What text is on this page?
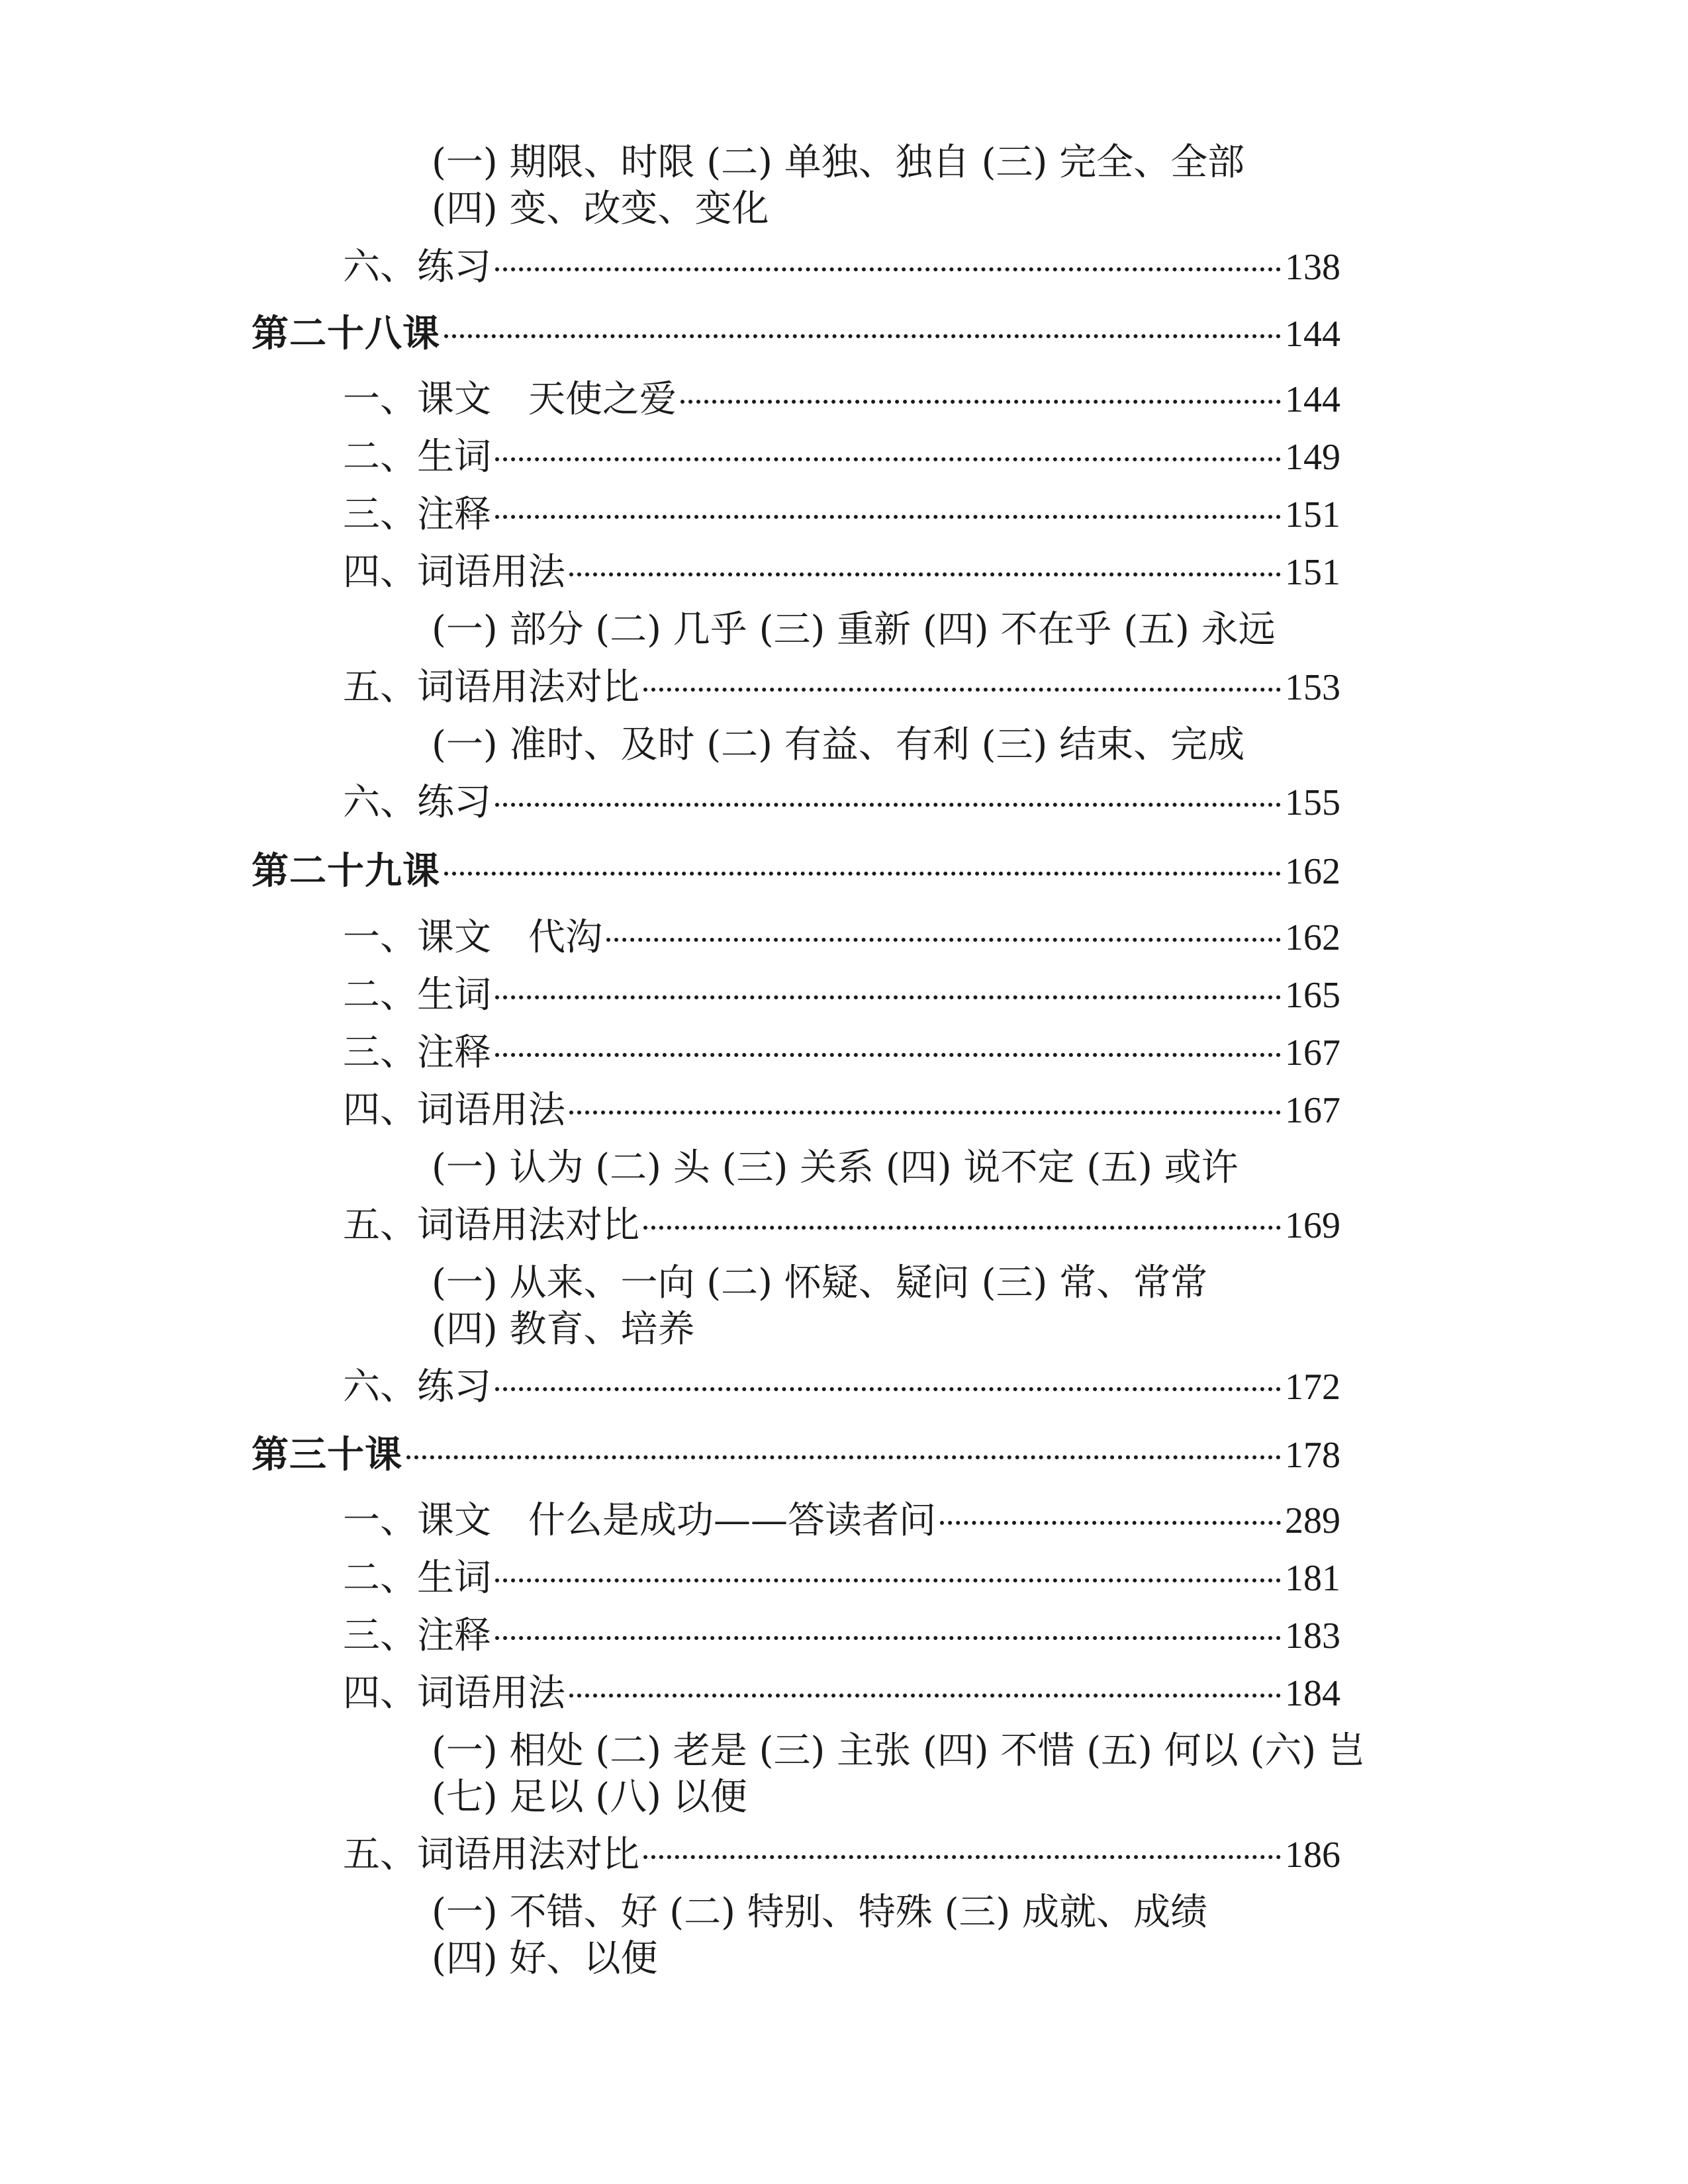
(一) 期限、时限 (二) 单独、独自 (三) 完全、全部
(四) 变、改变、变化
六、练习	138
第二十八课	144
一、课文 天使之爱	144
二、生词	149
三、注释	151
四、词语用法	151
(一) 部分 (二) 几乎 (三) 重新 (四) 不在乎 (五) 永远
五、词语用法对比	153
(一) 准时、及时 (二) 有益、有利 (三) 结束、完成
六、练习	155
第二十九课	162
一、课文 代沟	162
二、生词	165
三、注释	167
四、词语用法	167
(一) 认为 (二) 头 (三) 关系 (四) 说不定 (五) 或许
五、词语用法对比	169
(一) 从来、一向 (二) 怀疑、疑问 (三) 常、常常
(四) 教育、培养
六、练习	172
第三十课	178
一、课文 什么是成功——答读者问	289
二、生词	181
三、注释	183
四、词语用法	184
(一) 相处 (二) 老是 (三) 主张 (四) 不惜 (五) 何以 (六) 岂
(七) 足以 (八) 以便
五、词语用法对比	186
(一) 不错、好 (二) 特别、特殊 (三) 成就、成绩
(四) 好、以便
